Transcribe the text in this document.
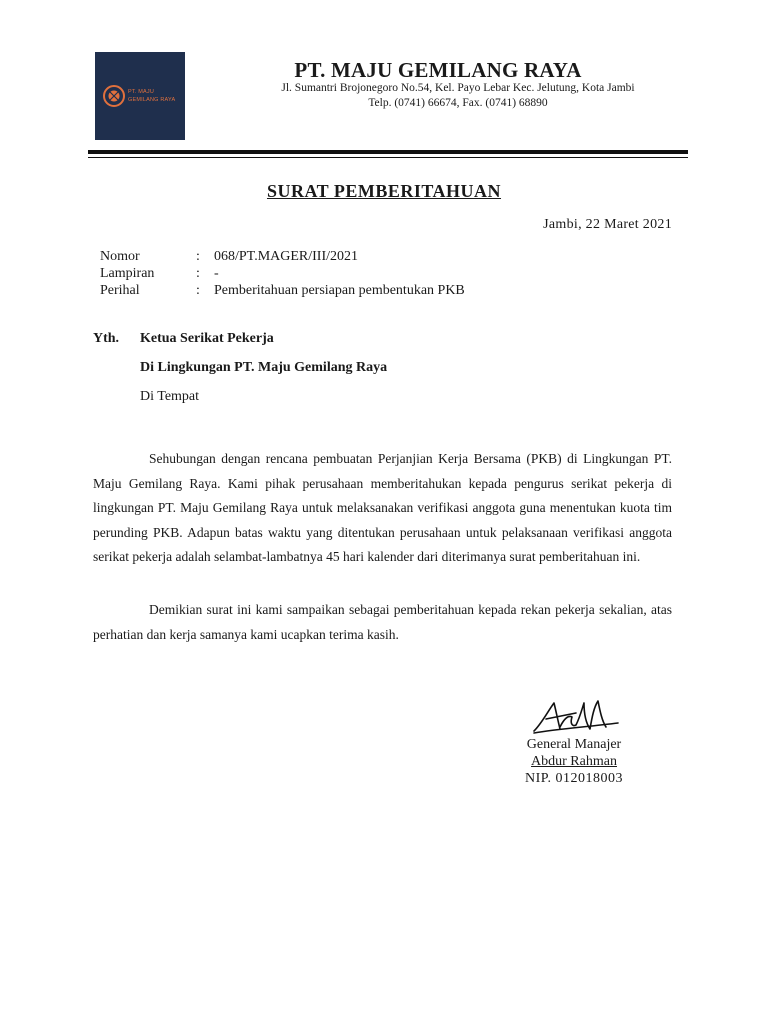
PT. MAJU
GEMILANG RAYA
PT. MAJU GEMILANG RAYA
Jl. Sumantri Brojonegoro No.54, Kel. Payo Lebar Kec. Jelutung, Kota Jambi
Telp. (0741) 66674, Fax. (0741) 68890
SURAT PEMBERITAHUAN
Jambi, 22 Maret 2021
Nomor	: 068/PT.MAGER/III/2021
Lampiran	: -
Perihal	: Pemberitahuan persiapan pembentukan PKB
Yth. Ketua Serikat Pekerja
Di Lingkungan PT. Maju Gemilang Raya
Di Tempat

Sehubungan dengan rencana pembuatan Perjanjian Kerja Bersama (PKB) di Lingkungan PT. Maju Gemilang Raya. Kami pihak perusahaan memberitahukan kepada pengurus serikat pekerja di lingkungan PT. Maju Gemilang Raya untuk melaksanakan verifikasi anggota guna menentukan kuota tim perunding PKB. Adapun batas waktu yang ditentukan perusahaan untuk pelaksanaan verifikasi anggota serikat pekerja adalah selambat-lambatnya 45 hari kalender dari diterimanya surat pemberitahuan ini.

Demikian surat ini kami sampaikan sebagai pemberitahuan kepada rekan pekerja sekalian, atas perhatian dan kerja samanya kami ucapkan terima kasih.

General Manajer
Abdur Rahman
NIP. 012018003
